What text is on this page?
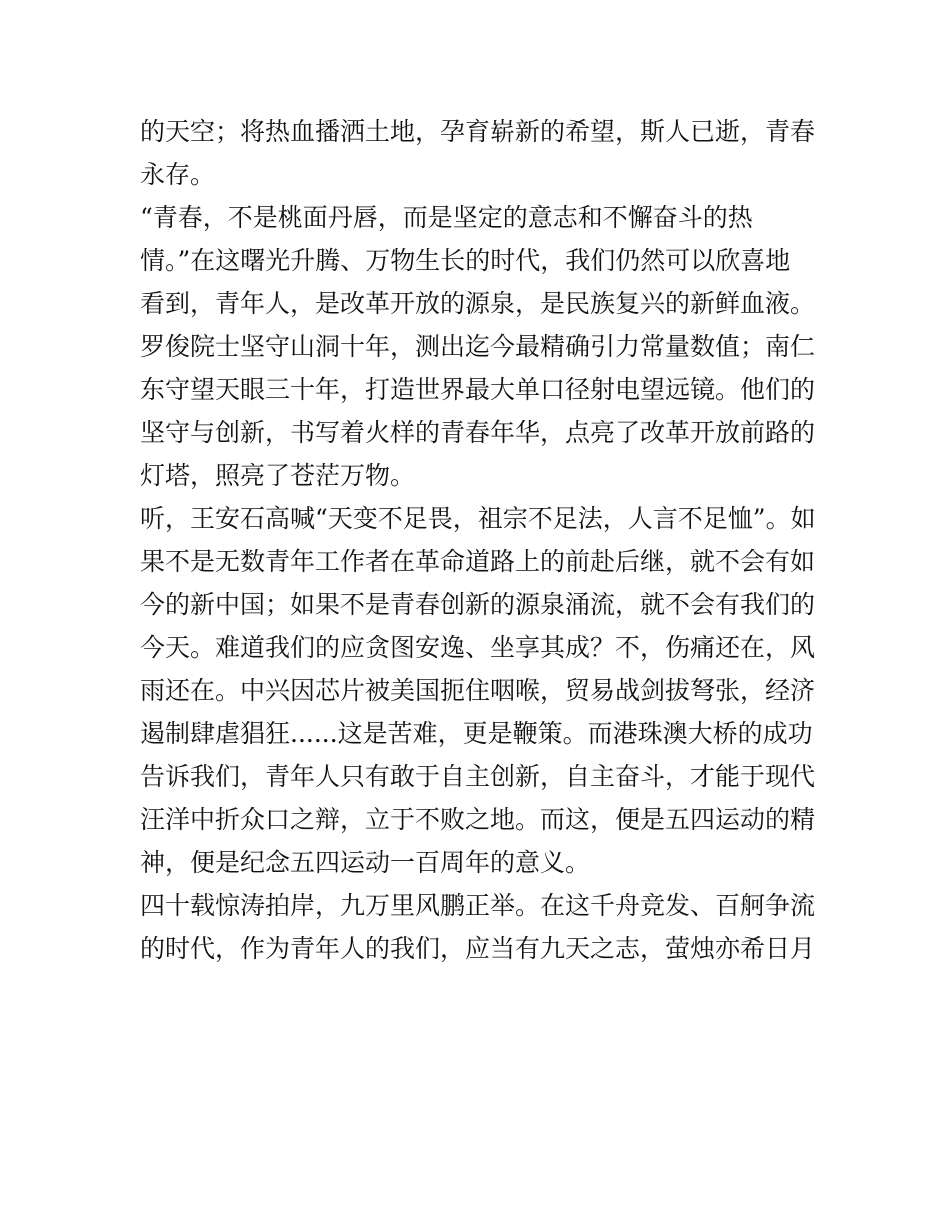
的天空；将热血播洒土地，孕育崭新的希望，斯人已逝，青春
永存。
“青春，不是桃面丹唇，而是坚定的意志和不懈奋斗的热
情。”在这曙光升腾、万物生长的时代，我们仍然可以欣喜地
看到，青年人，是改革开放的源泉，是民族复兴的新鲜血液。
罗俊院士坚守山洞十年，测出迄今最精确引力常量数值；南仁
东守望天眼三十年，打造世界最大单口径射电望远镜。他们的
坚守与创新，书写着火样的青春年华，点亮了改革开放前路的
灯塔，照亮了苍茫万物。
听，王安石高喊“天变不足畏，祖宗不足法，人言不足恤”。如
果不是无数青年工作者在革命道路上的前赴后继，就不会有如
今的新中国；如果不是青春创新的源泉涌流，就不会有我们的
今天。难道我们的应贪图安逸、坐享其成？不，伤痛还在，风
雨还在。中兴因芯片被美国扼住咽喉，贸易战剑拔弩张，经济
遏制肆虐猖狂......这是苦难，更是鞭策。而港珠澳大桥的成功
告诉我们，青年人只有敢于自主创新，自主奋斗，才能于现代
汪洋中折众口之辩，立于不败之地。而这，便是五四运动的精
神，便是纪念五四运动一百周年的意义。
四十载惊涛拍岸，九万里风鹏正举。在这千舟竞发、百舸争流
的时代，作为青年人的我们，应当有九天之志，萤烛亦希日月
